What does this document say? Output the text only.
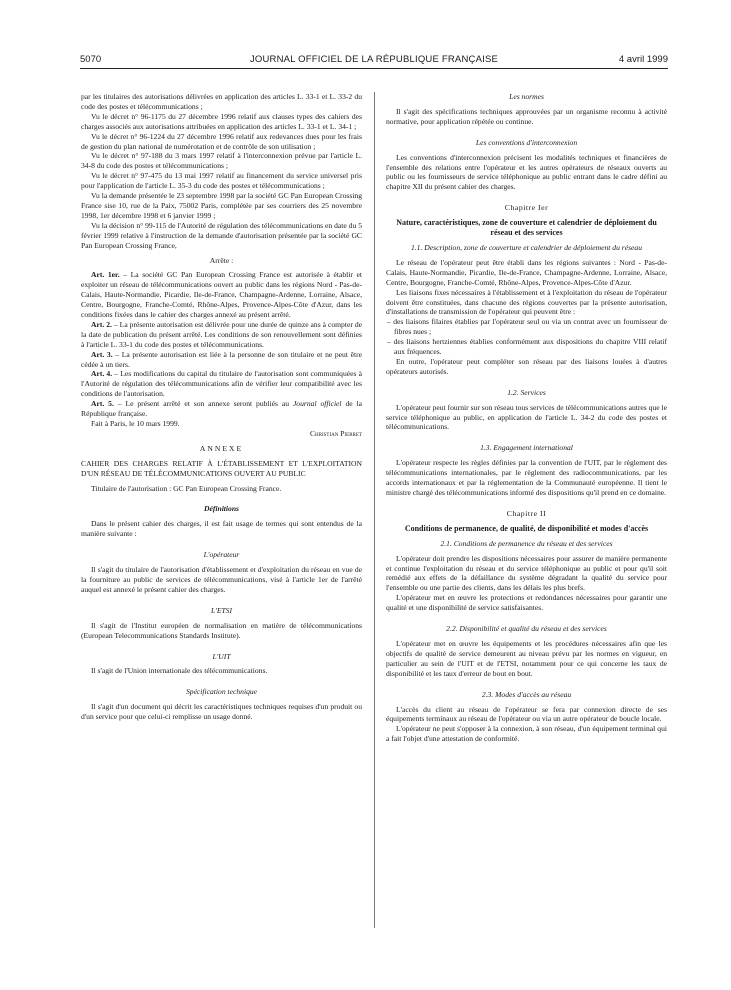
5070	JOURNAL OFFICIEL DE LA RÉPUBLIQUE FRANÇAISE	4 avril 1999

par les titulaires des autorisations délivrées en application des articles L. 33-1 et L. 33-2 du code des postes et télécommunications ;

Vu le décret n° 96-1175 du 27 décembre 1996 relatif aux clauses types des cahiers des charges associés aux autorisations attribuées en application des articles L. 33-1 et L. 34-1 ;

Vu le décret n° 96-1224 du 27 décembre 1996 relatif aux redevances dues pour les frais de gestion du plan national de numérotation et de contrôle de son utilisation ;

Vu le décret n° 97-188 du 3 mars 1997 relatif à l'interconnexion prévue par l'article L. 34-8 du code des postes et télécommunications ;

Vu le décret n° 97-475 du 13 mai 1997 relatif au financement du service universel pris pour l'application de l'article L. 35-3 du code des postes et télécommunications ;

Vu la demande présentée le 23 septembre 1998 par la société GC Pan European Crossing France sise 10, rue de la Paix, 75002 Paris, complétée par ses courriers des 25 novembre 1998, 1er décembre 1998 et 6 janvier 1999 ;

Vu la décision n° 99-115 de l'Autorité de régulation des télécommunications en date du 5 février 1999 relative à l'instruction de la demande d'autorisation présentée par la société GC Pan European Crossing France,

Arrête :

Art. 1er. – La société GC Pan European Crossing France est autorisée à établir et exploiter un réseau de télécommunications ouvert au public dans les régions Nord - Pas-de-Calais, Haute-Normandie, Picardie, Ile-de-France, Champagne-Ardenne, Lorraine, Alsace, Centre, Bourgogne, Franche-Comté, Rhône-Alpes, Provence-Alpes-Côte d'Azur, dans les conditions fixées dans le cahier des charges annexé au présent arrêté.

Art. 2. – La présente autorisation est délivrée pour une durée de quinze ans à compter de la date de publication du présent arrêté. Les conditions de son renouvellement sont définies à l'article L. 33-1 du code des postes et télécommunications.

Art. 3. – La présente autorisation est liée à la personne de son titulaire et ne peut être cédée à un tiers.

Art. 4. – Les modifications du capital du titulaire de l'autorisation sont communiquées à l'Autorité de régulation des télécommunications afin de vérifier leur compatibilité avec les conditions de l'autorisation.

Art. 5. – Le présent arrêté et son annexe seront publiés au Journal officiel de la République française.

Fait à Paris, le 10 mars 1999.

Christian Pierret

ANNEXE

CAHIER DES CHARGES RELATIF À L'ÉTABLISSEMENT ET L'EXPLOITATION D'UN RÉSEAU DE TÉLÉCOMMUNICATIONS OUVERT AU PUBLIC

Titulaire de l'autorisation : GC Pan European Crossing France.

Définitions

Dans le présent cahier des charges, il est fait usage de termes qui sont entendus de la manière suivante :

L'opérateur

Il s'agit du titulaire de l'autorisation d'établissement et d'exploitation du réseau en vue de la fourniture au public de services de télécommunications, visé à l'article 1er de l'arrêté auquel est annexé le présent cahier des charges.

L'ETSI

Il s'agit de l'Institut européen de normalisation en matière de télécommunications (European Telecommunications Standards Institute).

L'UIT

Il s'agit de l'Union internationale des télécommunications.

Spécification technique

Il s'agit d'un document qui décrit les caractéristiques techniques requises d'un produit ou d'un service pour que celui-ci remplisse un usage donné.

Les normes

Il s'agit des spécifications techniques approuvées par un organisme reconnu à activité normative, pour application répétée ou continue.

Les conventions d'interconnexion

Les conventions d'interconnexion précisent les modalités techniques et financières de l'ensemble des relations entre l'opérateur et les autres opérateurs de réseaux ouverts au public ou les fournisseurs de service téléphonique au public entrant dans le cadre défini au chapitre XII du présent cahier des charges.

Chapitre Ier

Nature, caractéristiques, zone de couverture et calendrier de déploiement du réseau et des services

1.1. Description, zone de couverture et calendrier de déploiement du réseau

Le réseau de l'opérateur peut être établi dans les régions suivantes : Nord - Pas-de-Calais, Haute-Normandie, Picardie, Ile-de-France, Champagne-Ardenne, Lorraine, Alsace, Centre, Bourgogne, Franche-Comté, Rhône-Alpes, Provence-Alpes-Côte d'Azur.

Les liaisons fixes nécessaires à l'établissement et à l'exploitation du réseau de l'opérateur doivent être constituées, dans chacune des régions couvertes par la présente autorisation, d'installations de transmission de l'opérateur qui peuvent être :

– des liaisons filaires établies par l'opérateur seul ou via un contrat avec un fournisseur de fibres nues ;
– des liaisons hertziennes établies conformément aux dispositions du chapitre VIII relatif aux fréquences.

En outre, l'opérateur peut compléter son réseau par des liaisons louées à d'autres opérateurs autorisés.

1.2. Services

L'opérateur peut fournir sur son réseau tous services de télécommunications autres que le service téléphonique au public, en application de l'article L. 34-2 du code des postes et télécommunications.

1.3. Engagement international

L'opérateur respecte les règles définies par la convention de l'UIT, par le règlement des télécommunications internationales, par le règlement des radiocommunications, par les accords internationaux et par la réglementation de la Communauté européenne. Il tient le ministre chargé des télécommunications informé des dispositions qu'il prend en ce domaine.

Chapitre II

Conditions de permanence, de qualité, de disponibilité et modes d'accès

2.1. Conditions de permanence du réseau et des services

L'opérateur doit prendre les dispositions nécessaires pour assurer de manière permanente et continue l'exploitation du réseau et du service téléphonique au public et pour qu'il soit remédié aux effets de la défaillance du système dégradant la qualité du service pour l'ensemble ou une partie des clients, dans les délais les plus brefs.

L'opérateur met en œuvre les protections et redondances nécessaires pour garantir une qualité et une disponibilité de service satisfaisantes.

2.2. Disponibilité et qualité du réseau et des services

L'opérateur met en œuvre les équipements et les procédures nécessaires afin que les objectifs de qualité de service demeurent au niveau prévu par les normes en vigueur, en particulier au sein de l'UIT et de l'ETSI, notamment pour ce qui concerne les taux de disponibilité et les taux d'erreur de bout en bout.

2.3. Modes d'accès au réseau

L'accès du client au réseau de l'opérateur se fera par connexion directe de ses équipements terminaux au réseau de l'opérateur ou via un autre opérateur de boucle locale.

L'opérateur ne peut s'opposer à la connexion, à son réseau, d'un équipement terminal qui a fait l'objet d'une attestation de conformité.
